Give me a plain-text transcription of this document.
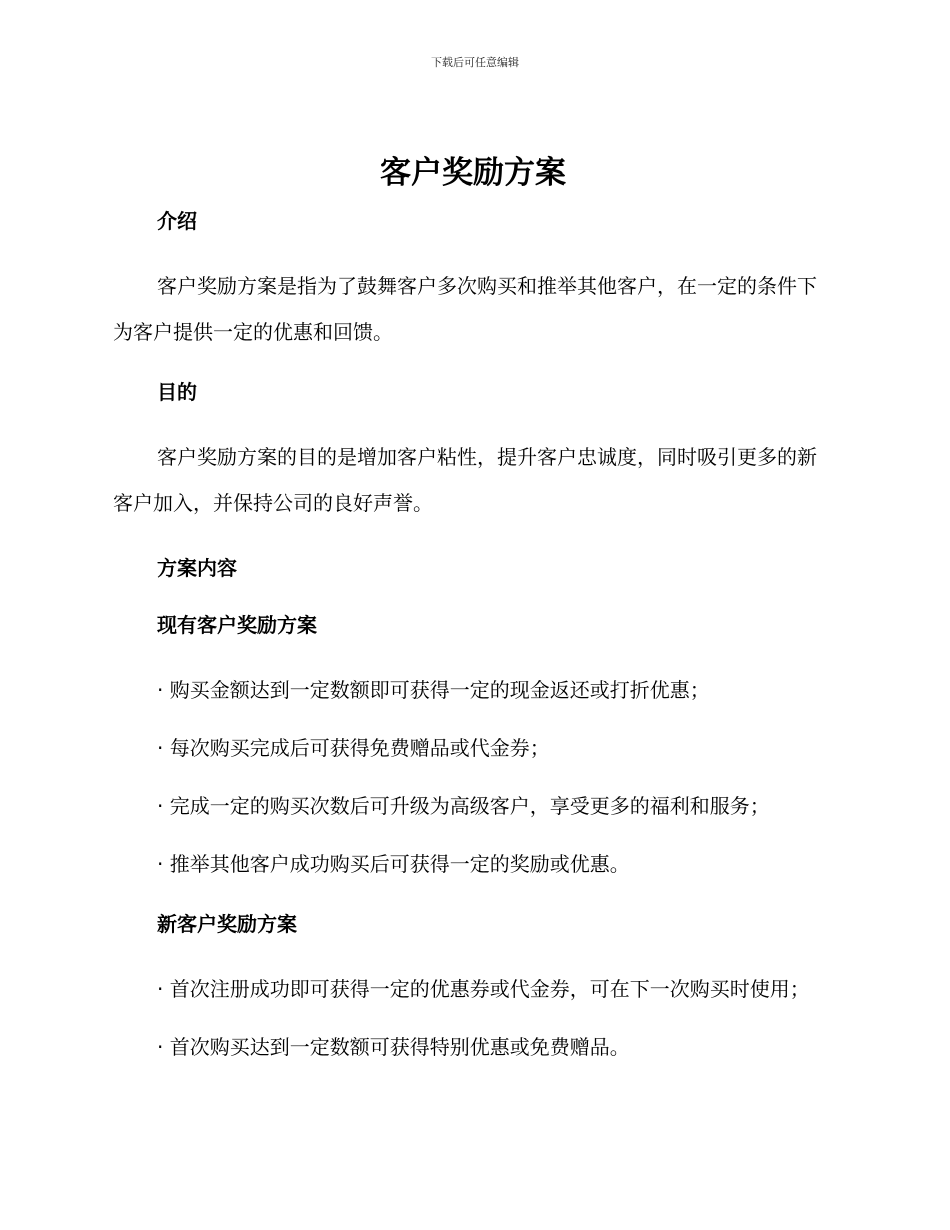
下载后可任意编辑
客户奖励方案
介绍

客户奖励方案是指为了鼓舞客户多次购买和推举其他客户，在一定的条件下为客户提供一定的优惠和回馈。

目的

客户奖励方案的目的是增加客户粘性，提升客户忠诚度，同时吸引更多的新客户加入，并保持公司的良好声誉。

方案内容
现有客户奖励方案

· 购买金额达到一定数额即可获得一定的现金返还或打折优惠；

· 每次购买完成后可获得免费赠品或代金券；

· 完成一定的购买次数后可升级为高级客户，享受更多的福利和服务；

· 推举其他客户成功购买后可获得一定的奖励或优惠。

新客户奖励方案

· 首次注册成功即可获得一定的优惠券或代金券，可在下一次购买时使用；

· 首次购买达到一定数额可获得特别优惠或免费赠品。
